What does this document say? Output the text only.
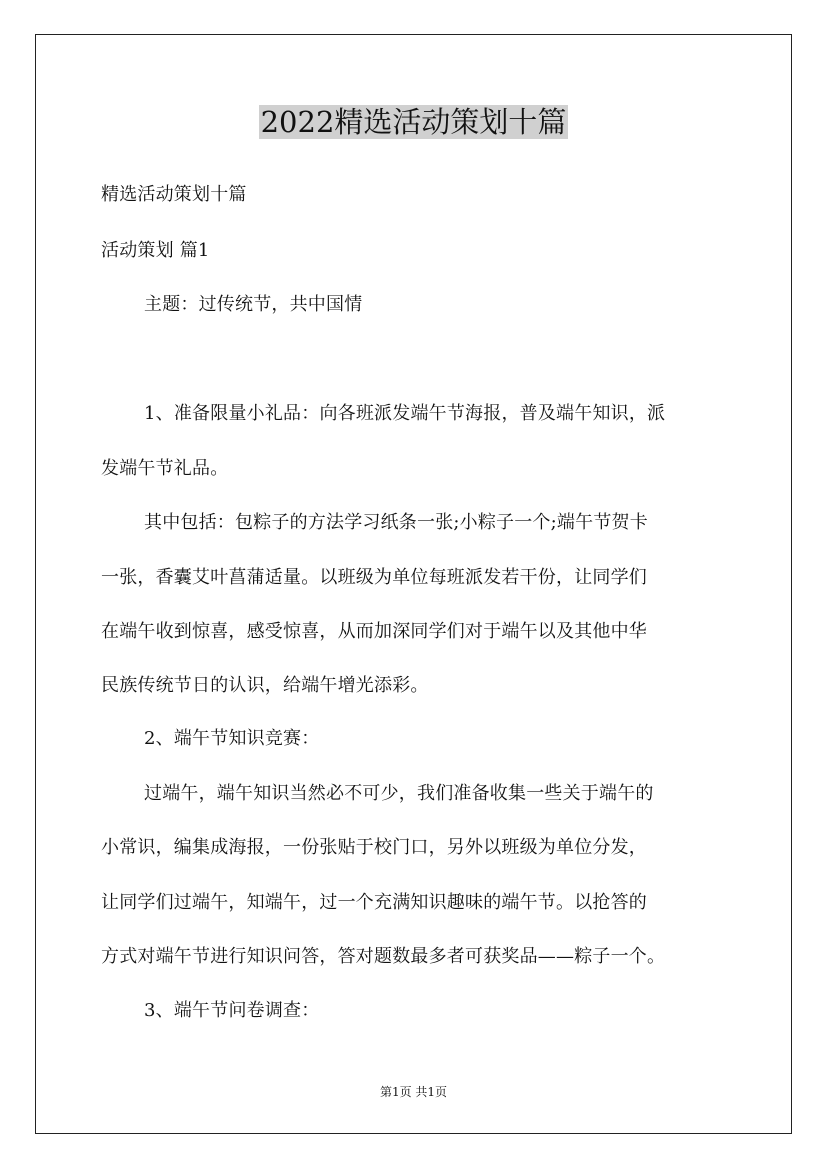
2022精选活动策划十篇
精选活动策划十篇
活动策划 篇1
主题：过传统节，共中国情
1、准备限量小礼品：向各班派发端午节海报，普及端午知识，派
发端午节礼品。
其中包括：包粽子的方法学习纸条一张;小粽子一个;端午节贺卡
一张，香囊艾叶菖蒲适量。以班级为单位每班派发若干份，让同学们
在端午收到惊喜，感受惊喜，从而加深同学们对于端午以及其他中华
民族传统节日的认识，给端午增光添彩。
2、端午节知识竞赛：
过端午，端午知识当然必不可少，我们准备收集一些关于端午的
小常识，编集成海报，一份张贴于校门口，另外以班级为单位分发，
让同学们过端午，知端午，过一个充满知识趣味的端午节。以抢答的
方式对端午节进行知识问答，答对题数最多者可获奖品——粽子一个。
3、端午节问卷调查：
第1页 共1页
